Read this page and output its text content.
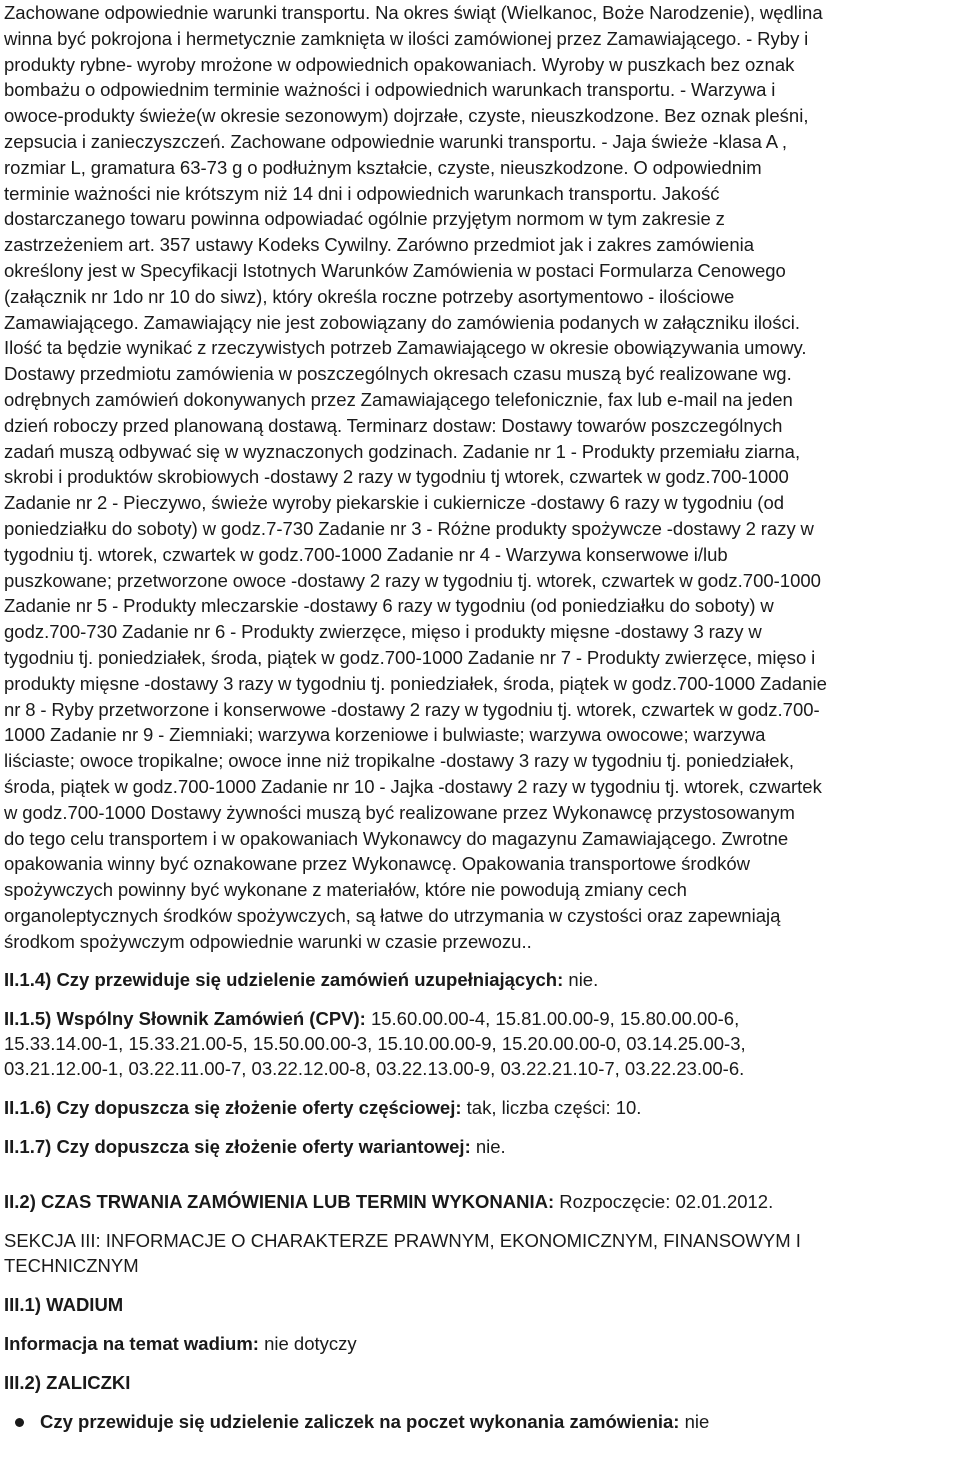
Zachowane odpowiednie warunki transportu. Na okres świąt (Wielkanoc, Boże Narodzenie), wędlina
winna być pokrojona i hermetycznie zamknięta w ilości zamówionej przez Zamawiającego. - Ryby i
produkty rybne- wyroby mrożone w odpowiednich opakowaniach. Wyroby w puszkach bez oznak
bombażu o odpowiednim terminie ważności i odpowiednich warunkach transportu. - Warzywa i
owoce-produkty świeże(w okresie sezonowym) dojrzałe, czyste, nieuszkodzone. Bez oznak pleśni,
zepsucia i zanieczyszczeń. Zachowane odpowiednie warunki transportu. - Jaja świeże -klasa A ,
rozmiar L, gramatura 63-73 g o podłużnym kształcie, czyste, nieuszkodzone. O odpowiednim
terminie ważności nie krótszym niż 14 dni i odpowiednich warunkach transportu. Jakość
dostarczanego towaru powinna odpowiadać ogólnie przyjętym normom w tym zakresie z
zastrzeżeniem art. 357 ustawy Kodeks Cywilny. Zarówno przedmiot jak i zakres zamówienia
określony jest w Specyfikacji Istotnych Warunków Zamówienia w postaci Formularza Cenowego
(załącznik nr 1do nr 10 do siwz), który określa roczne potrzeby asortymentowo - ilościowe
Zamawiającego. Zamawiający nie jest zobowiązany do zamówienia podanych w załączniku ilości.
Ilość ta będzie wynikać z rzeczywistych potrzeb Zamawiającego w okresie obowiązywania umowy.
Dostawy przedmiotu zamówienia w poszczególnych okresach czasu muszą być realizowane wg.
odrębnych zamówień dokonywanych przez Zamawiającego telefonicznie, fax lub e-mail na jeden
dzień roboczy przed planowaną dostawą. Terminarz dostaw: Dostawy towarów poszczególnych
zadań muszą odbywać się w wyznaczonych godzinach. Zadanie nr 1 - Produkty przemiału ziarna,
skrobi i produktów skrobiowych -dostawy 2 razy w tygodniu tj wtorek, czwartek w godz.700-1000
Zadanie nr 2 - Pieczywo, świeże wyroby piekarskie i cukiernicze -dostawy 6 razy w tygodniu (od
poniedziałku do soboty) w godz.7-730 Zadanie nr 3 - Różne produkty spożywcze -dostawy 2 razy w
tygodniu tj. wtorek, czwartek w godz.700-1000 Zadanie nr 4 - Warzywa konserwowe i/lub
puszkowane; przetworzone owoce -dostawy 2 razy w tygodniu tj. wtorek, czwartek w godz.700-1000
Zadanie nr 5 - Produkty mleczarskie -dostawy 6 razy w tygodniu (od poniedziałku do soboty) w
godz.700-730 Zadanie nr 6 - Produkty zwierzęce, mięso i produkty mięsne -dostawy 3 razy w
tygodniu tj. poniedziałek, środa, piątek w godz.700-1000 Zadanie nr 7 - Produkty zwierzęce, mięso i
produkty mięsne -dostawy 3 razy w tygodniu tj. poniedziałek, środa, piątek w godz.700-1000 Zadanie
nr 8 - Ryby przetworzone i konserwowe -dostawy 2 razy w tygodniu tj. wtorek, czwartek w godz.700-
1000 Zadanie nr 9 - Ziemniaki; warzywa korzeniowe i bulwiaste; warzywa owocowe; warzywa
liściaste; owoce tropikalne; owoce inne niż tropikalne -dostawy 3 razy w tygodniu tj. poniedziałek,
środa, piątek w godz.700-1000 Zadanie nr 10 - Jajka -dostawy 2 razy w tygodniu tj. wtorek, czwartek
w godz.700-1000 Dostawy żywności muszą być realizowane przez Wykonawcę przystosowanym
do tego celu transportem i w opakowaniach Wykonawcy do magazynu Zamawiającego. Zwrotne
opakowania winny być oznakowane przez Wykonawcę. Opakowania transportowe środków
spożywczych powinny być wykonane z materiałów, które nie powodują zmiany cech
organoleptycznych środków spożywczych, są łatwe do utrzymania w czystości oraz zapewniają
środkom spożywczym odpowiednie warunki w czasie przewozu..

II.1.4) Czy przewiduje się udzielenie zamówień uzupełniających: nie.

II.1.5) Wspólny Słownik Zamówień (CPV): 15.60.00.00-4, 15.81.00.00-9, 15.80.00.00-6,
15.33.14.00-1, 15.33.21.00-5, 15.50.00.00-3, 15.10.00.00-9, 15.20.00.00-0, 03.14.25.00-3,
03.21.12.00-1, 03.22.11.00-7, 03.22.12.00-8, 03.22.13.00-9, 03.22.21.10-7, 03.22.23.00-6.

II.1.6) Czy dopuszcza się złożenie oferty częściowej: tak, liczba części: 10.

II.1.7) Czy dopuszcza się złożenie oferty wariantowej: nie.

II.2) CZAS TRWANIA ZAMÓWIENIA LUB TERMIN WYKONANIA: Rozpoczęcie: 02.01.2012.

SEKCJA III: INFORMACJE O CHARAKTERZE PRAWNYM, EKONOMICZNYM, FINANSOWYM I
TECHNICZNYM

III.1) WADIUM

Informacja na temat wadium: nie dotyczy

III.2) ZALICZKI

Czy przewiduje się udzielenie zaliczek na poczet wykonania zamówienia: nie
